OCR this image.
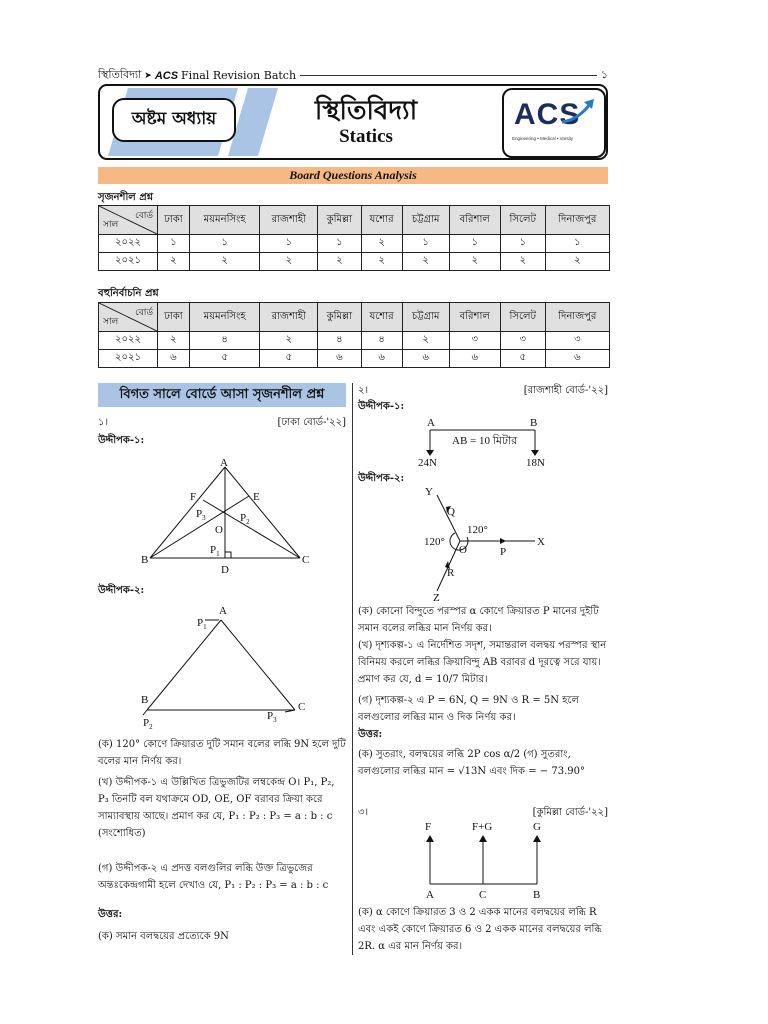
স্থিতিবিদ্যা ➤ ACS Final Revision Batch	১
অষ্টম অধ্যায়	স্থিতিবিদ্যা
Statics
ACS
Engineering • Medical • Varsity
Board Questions Analysis
সৃজনশীল প্রশ্ন
বোর্ড
সাল	ঢাকা	ময়মনসিংহ	রাজশাহী	কুমিল্লা	যশোর	চট্টগ্রাম	বরিশাল	সিলেট	দিনাজপুর
২০২২	১	১	১	১	২	১	১	১	১
২০২১	২	২	২	২	২	২	২	২	২
বহুনির্বাচনি প্রশ্ন
বোর্ড
সাল	ঢাকা	ময়মনসিংহ	রাজশাহী	কুমিল্লা	যশোর	চট্টগ্রাম	বরিশাল	সিলেট	দিনাজপুর
২০২২	২	৪	২	৪	৪	২	৩	৩	৩
২০২১	৬	৫	৫	৬	৬	৬	৬	৫	৬
বিগত সালে বোর্ডে আসা সৃজনশীল প্রশ্ন
১।	[ঢাকা বোর্ড-'২২]
উদ্দীপক-১:
A
B	C
D
E
F
O
$P_1$
$P_2$
$P_3$
উদ্দীপক-২:
A
B
C
$P_1$
$P_2$
$P_3$
(ক) 120° কোণে ক্রিয়ারত দুটি সমান বলের লব্ধি 9N হলে দুটি বলের মান নির্ণয় কর।
(খ) উদ্দীপক-১ এ উল্লিখিত ত্রিভুজটির লম্বকেন্দ্র O। P₁, P₂, P₃ তিনটি বল যথাক্রমে OD, OE, OF বরাবর ক্রিয়া করে সাম্যাবস্থায় আছে। প্রমাণ কর যে, P₁ : P₂ : P₃ = a : b : c (সংশোধিত)
(গ) উদ্দীপক-২ এ প্রদত্ত বলগুলির লব্ধি উক্ত ত্রিভুজের অন্তঃকেন্দ্রগামী হলে দেখাও যে, P₁ : P₂ : P₃ = a : b : c
উত্তর:
(ক) সমান বলদ্বয়ের প্রত্যেকে 9N
২।	[রাজশাহী বোর্ড-'২২]
উদ্দীপক-১:
A	B
AB = 10 মিটার
24N	18N
উদ্দীপক-২:
X
Y
Z
O	P
Q
R
120°
120°
(ক) কোনো বিন্দুতে পরস্পর α কোণে ক্রিয়ারত P মানের দুইটি সমান বলের লব্ধির মান নির্ণয় কর।
(খ) দৃশ্যকল্প-১ এ নির্দেশিত সদৃশ, সমান্তরাল বলদ্বয় পরস্পর স্থান বিনিময় করলে লব্ধির ক্রিয়াবিন্দু AB বরাবর d দূরত্বে সরে যায়। প্রমাণ কর যে, d = 10/7 মিটার।
(গ) দৃশ্যকল্প-২ এ P = 6N, Q = 9N ও R = 5N হলে বলগুলোর লব্ধির মান ও দিক নির্ণয় কর।
উত্তর:
(ক) সুতরাং, বলদ্বয়ের লব্ধি 2P cos α/2 (গ) সুতরাং, বলগুলোর লব্ধির মান = √13N এবং দিক = − 73.90°
৩।	[কুমিল্লা বোর্ড-'২২]
F	F+G	G
A	C	B
(ক) α কোণে ক্রিয়ারত 3 ও 2 একক মানের বলদ্বয়ের লব্ধি R এবং একই কোণে ক্রিয়ারত 6 ও 2 একক মানের বলদ্বয়ের লব্ধি 2R. α এর মান নির্ণয় কর।
